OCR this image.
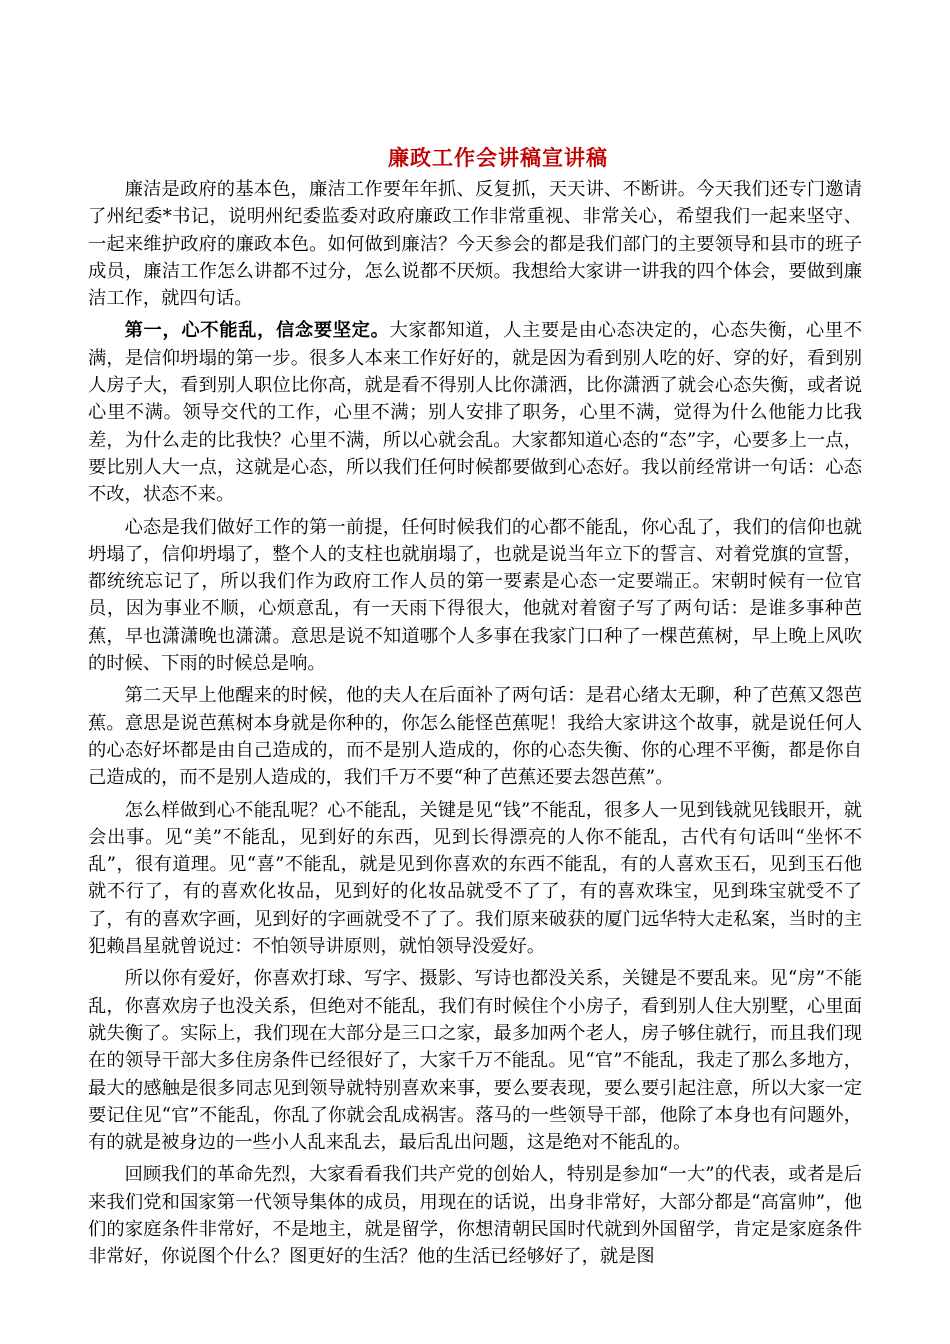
廉政工作会讲稿宣讲稿

廉洁是政府的基本色，廉洁工作要年年抓、反复抓，天天讲、不断讲。今天我们还专门邀请了州纪委*书记，说明州纪委监委对政府廉政工作非常重视、非常关心，希望我们一起来坚守、一起来维护政府的廉政本色。如何做到廉洁？今天参会的都是我们部门的主要领导和县市的班子成员，廉洁工作怎么讲都不过分，怎么说都不厌烦。我想给大家讲一讲我的四个体会，要做到廉洁工作，就四句话。

第一，心不能乱，信念要坚定。大家都知道，人主要是由心态决定的，心态失衡，心里不满，是信仰坍塌的第一步。很多人本来工作好好的，就是因为看到别人吃的好、穿的好，看到别人房子大，看到别人职位比你高，就是看不得别人比你潇洒，比你潇洒了就会心态失衡，或者说心里不满。领导交代的工作，心里不满；别人安排了职务，心里不满，觉得为什么他能力比我差，为什么走的比我快？心里不满，所以心就会乱。大家都知道心态的“态”字，心要多上一点，要比别人大一点，这就是心态，所以我们任何时候都要做到心态好。我以前经常讲一句话：心态不改，状态不来。

心态是我们做好工作的第一前提，任何时候我们的心都不能乱，你心乱了，我们的信仰也就坍塌了，信仰坍塌了，整个人的支柱也就崩塌了，也就是说当年立下的誓言、对着党旗的宣誓，都统统忘记了，所以我们作为政府工作人员的第一要素是心态一定要端正。宋朝时候有一位官员，因为事业不顺，心烦意乱，有一天雨下得很大，他就对着窗子写了两句话：是谁多事种芭蕉，早也潇潇晚也潇潇。意思是说不知道哪个人多事在我家门口种了一棵芭蕉树，早上晚上风吹的时候、下雨的时候总是响。

第二天早上他醒来的时候，他的夫人在后面补了两句话：是君心绪太无聊，种了芭蕉又怨芭蕉。意思是说芭蕉树本身就是你种的，你怎么能怪芭蕉呢！我给大家讲这个故事，就是说任何人的心态好坏都是由自己造成的，而不是别人造成的，你的心态失衡、你的心理不平衡，都是你自己造成的，而不是别人造成的，我们千万不要“种了芭蕉还要去怨芭蕉”。

怎么样做到心不能乱呢？心不能乱，关键是见“钱”不能乱，很多人一见到钱就见钱眼开，就会出事。见“美”不能乱，见到好的东西，见到长得漂亮的人你不能乱，古代有句话叫“坐怀不乱”，很有道理。见“喜”不能乱，就是见到你喜欢的东西不能乱，有的人喜欢玉石，见到玉石他就不行了，有的喜欢化妆品，见到好的化妆品就受不了了，有的喜欢珠宝，见到珠宝就受不了了，有的喜欢字画，见到好的字画就受不了了。我们原来破获的厦门远华特大走私案，当时的主犯赖昌星就曾说过：不怕领导讲原则，就怕领导没爱好。

所以你有爱好，你喜欢打球、写字、摄影、写诗也都没关系，关键是不要乱来。见“房”不能乱，你喜欢房子也没关系，但绝对不能乱，我们有时候住个小房子，看到别人住大别墅，心里面就失衡了。实际上，我们现在大部分是三口之家，最多加两个老人，房子够住就行，而且我们现在的领导干部大多住房条件已经很好了，大家千万不能乱。见“官”不能乱，我走了那么多地方，最大的感触是很多同志见到领导就特别喜欢来事，要么要表现，要么要引起注意，所以大家一定要记住见“官”不能乱，你乱了你就会乱成祸害。落马的一些领导干部，他除了本身也有问题外，有的就是被身边的一些小人乱来乱去，最后乱出问题，这是绝对不能乱的。

回顾我们的革命先烈，大家看看我们共产党的创始人，特别是参加“一大”的代表，或者是后来我们党和国家第一代领导集体的成员，用现在的话说，出身非常好，大部分都是“高富帅”，他们的家庭条件非常好，不是地主，就是留学，你想清朝民国时代就到外国留学，肯定是家庭条件非常好，你说图个什么？图更好的生活？他的生活已经够好了，就是图
